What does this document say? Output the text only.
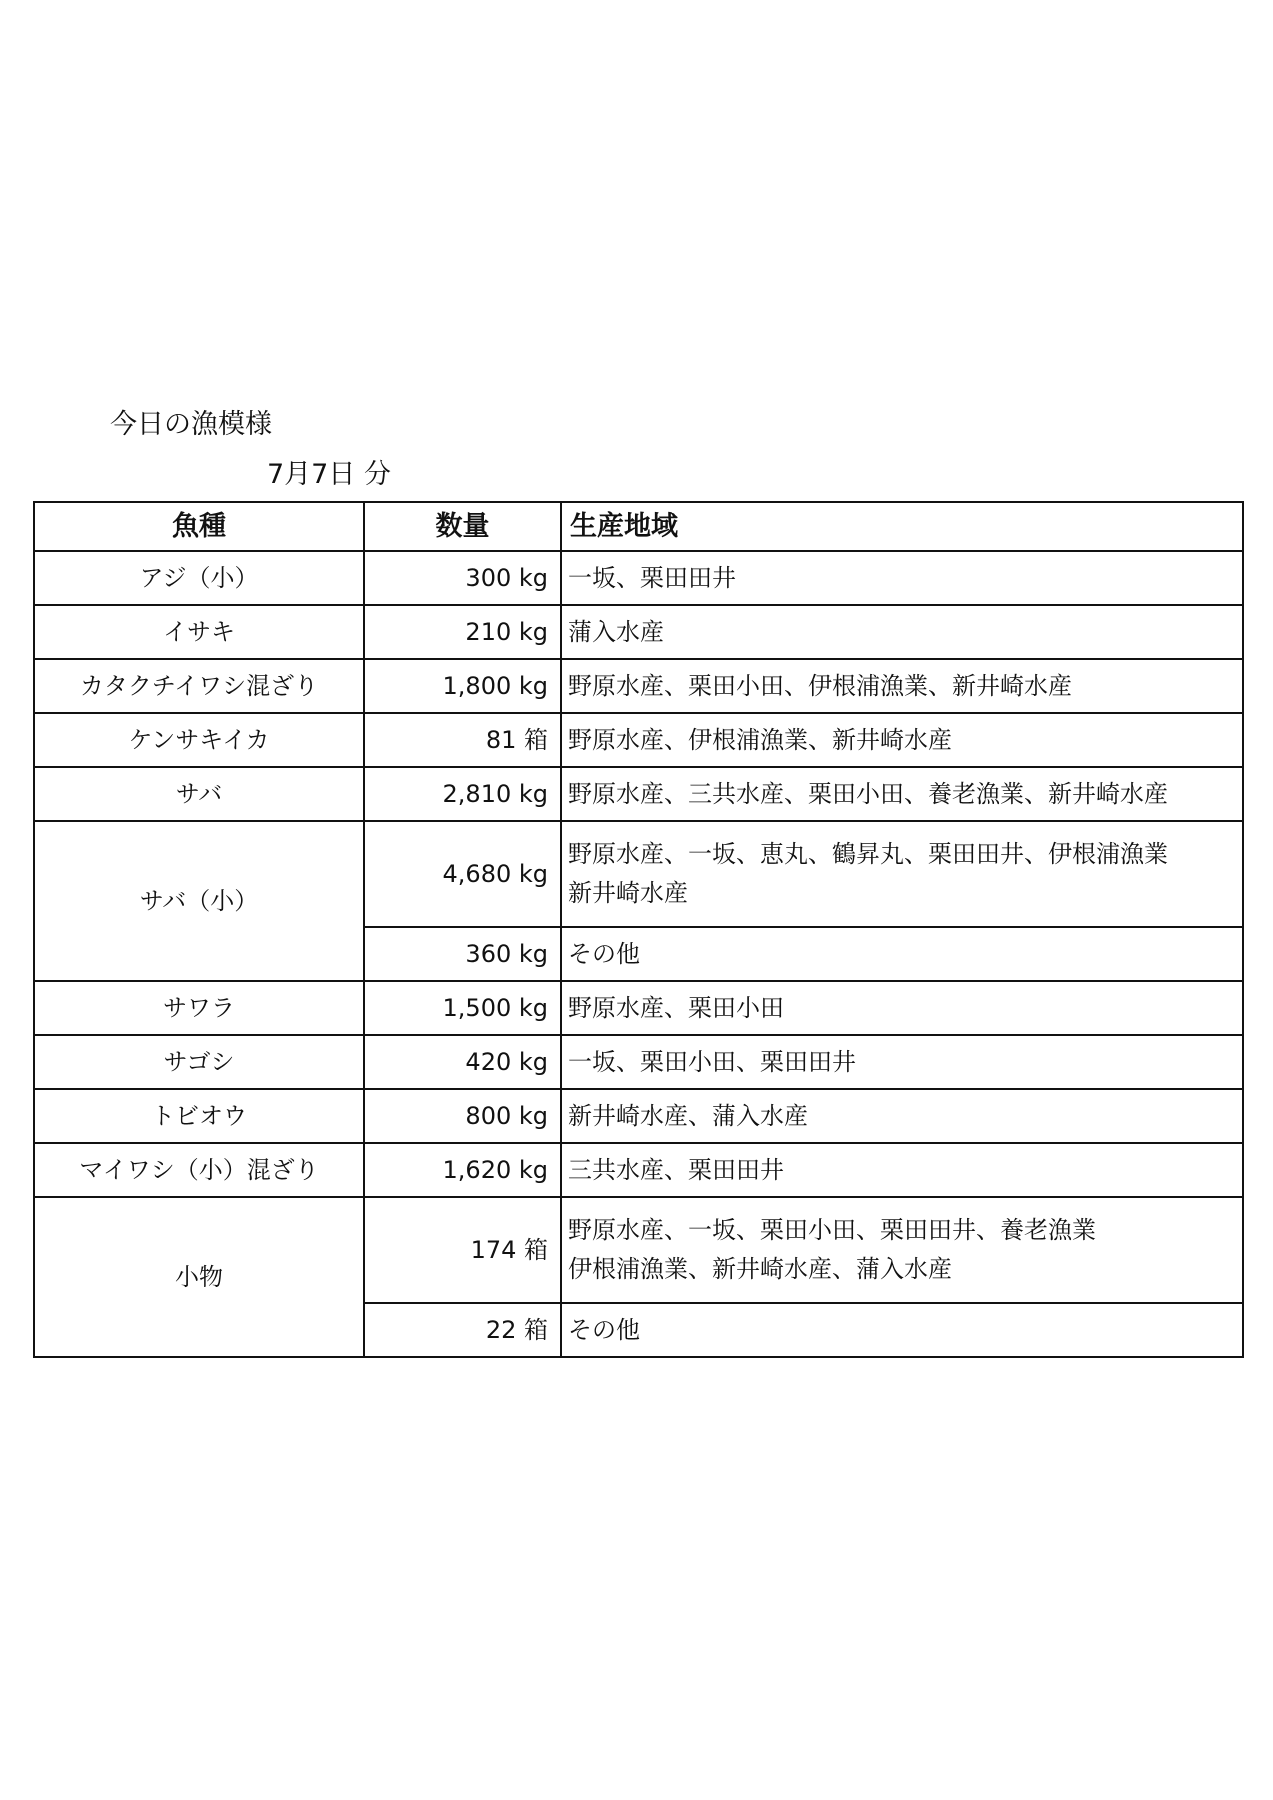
今日の漁模様
7月7日 分
魚種	数量	生産地域
アジ（小）	300 kg	一坂、栗田田井

イサキ	210 kg	蒲入水産

カタクチイワシ混ざり	1,800 kg	野原水産、栗田小田、伊根浦漁業、新井崎水産

ケンサキイカ	81 箱	野原水産、伊根浦漁業、新井崎水産

サバ	2,810 kg	野原水産、三共水産、栗田小田、養老漁業、新井崎水産

サバ（小）	4,680 kg	野原水産、一坂、恵丸、鶴昇丸、栗田田井、伊根浦漁業
新井崎水産

	360 kg	その他

サワラ	1,500 kg	野原水産、栗田小田

サゴシ	420 kg	一坂、栗田小田、栗田田井

トビオウ	800 kg	新井崎水産、蒲入水産

マイワシ（小）混ざり	1,620 kg	三共水産、栗田田井

小物	174 箱	野原水産、一坂、栗田小田、栗田田井、養老漁業
伊根浦漁業、新井崎水産、蒲入水産

	22 箱	その他
